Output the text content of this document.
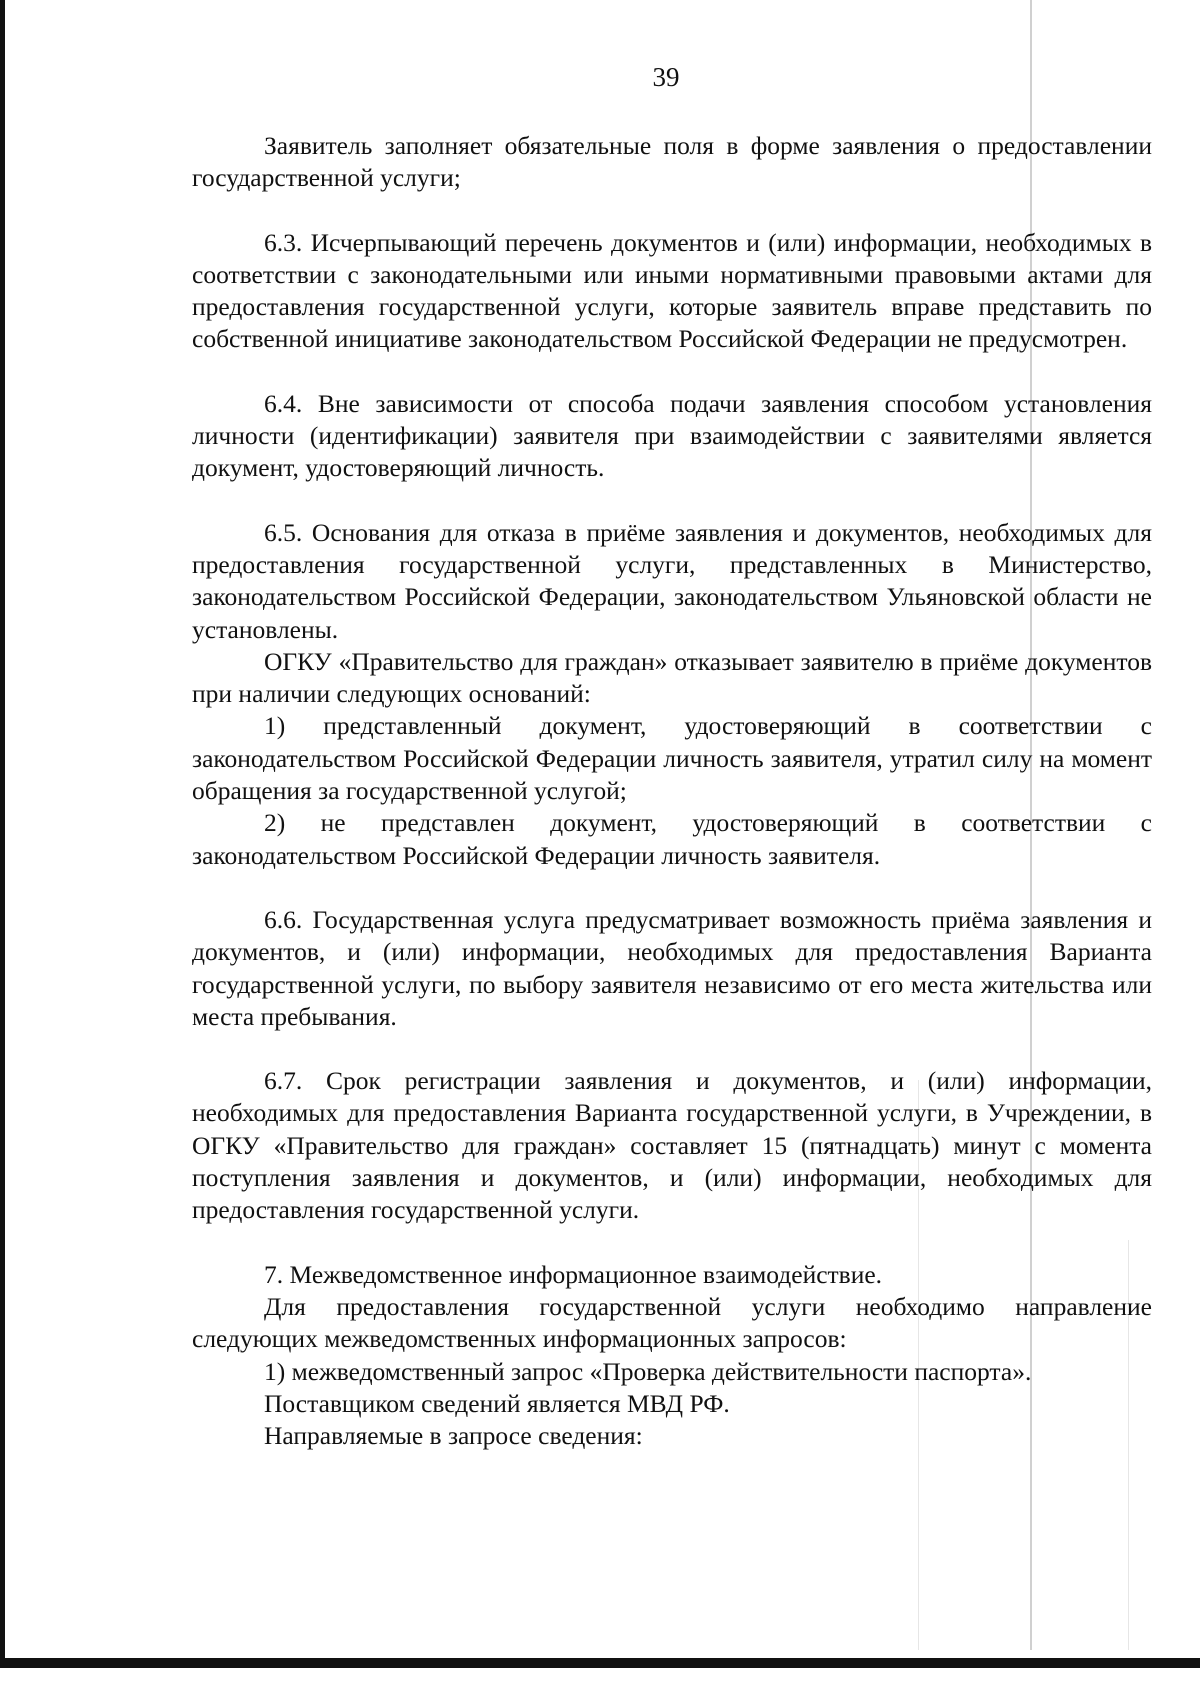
39

Заявитель заполняет обязательные поля в форме заявления о предоставлении государственной услуги;

6.3. Исчерпывающий перечень документов и (или) информации, необходимых в соответствии с законодательными или иными нормативными правовыми актами для предоставления государственной услуги, которые заявитель вправе представить по собственной инициативе законодательством Российской Федерации не предусмотрен.

6.4. Вне зависимости от способа подачи заявления способом установления личности (идентификации) заявителя при взаимодействии с заявителями является документ, удостоверяющий личность.

6.5. Основания для отказа в приёме заявления и документов, необходимых для предоставления государственной услуги, представленных в Министерство, законодательством Российской Федерации, законодательством Ульяновской области не установлены.

ОГКУ «Правительство для граждан» отказывает заявителю в приёме документов при наличии следующих оснований:

1) представленный документ, удостоверяющий в соответствии с законодательством Российской Федерации личность заявителя, утратил силу на момент обращения за государственной услугой;

2) не представлен документ, удостоверяющий в соответствии с законодательством Российской Федерации личность заявителя.

6.6. Государственная услуга предусматривает возможность приёма заявления и документов, и (или) информации, необходимых для предоставления Варианта государственной услуги, по выбору заявителя независимо от его места жительства или места пребывания.

6.7. Срок регистрации заявления и документов, и (или) информации, необходимых для предоставления Варианта государственной услуги, в Учреждении, в ОГКУ «Правительство для граждан» составляет 15 (пятнадцать) минут с момента поступления заявления и документов, и (или) информации, необходимых для предоставления государственной услуги.

7. Межведомственное информационное взаимодействие.

Для предоставления государственной услуги необходимо направление следующих межведомственных информационных запросов:

1) межведомственный запрос «Проверка действительности паспорта».

Поставщиком сведений является МВД РФ.

Направляемые в запросе сведения:
